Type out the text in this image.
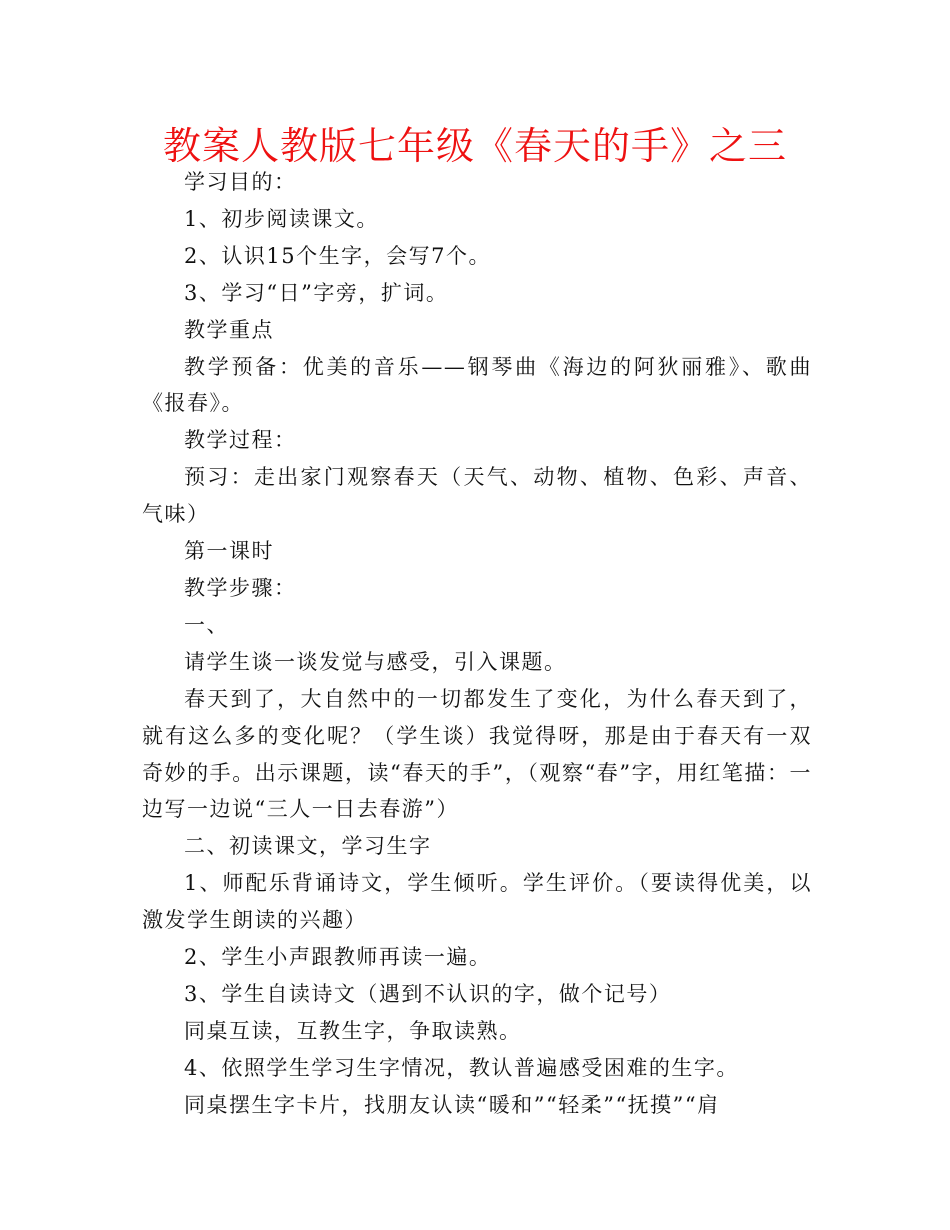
教案人教版七年级《春天的手》之三

学习目的：

1、初步阅读课文。

2、认识15个生字，会写7个。

3、学习“日”字旁，扩词。

教学重点

教学预备：优美的音乐——钢琴曲《海边的阿狄丽雅》、歌曲《报春》。

教学过程：

预习：走出家门观察春天（天气、动物、植物、色彩、声音、气味）

第一课时

教学步骤：

一、

请学生谈一谈发觉与感受，引入课题。

春天到了，大自然中的一切都发生了变化，为什么春天到了，就有这么多的变化呢？（学生谈）我觉得呀，那是由于春天有一双奇妙的手。出示课题，读“春天的手”，（观察“春”字，用红笔描：一边写一边说“三人一日去春游”）

二、初读课文，学习生字

1、师配乐背诵诗文，学生倾听。学生评价。（要读得优美，以激发学生朗读的兴趣）

2、学生小声跟教师再读一遍。

3、学生自读诗文（遇到不认识的字，做个记号）

同桌互读，互教生字，争取读熟。

4、依照学生学习生字情况，教认普遍感受困难的生字。

同桌摆生字卡片，找朋友认读“暖和”“轻柔”“抚摸”“肩
